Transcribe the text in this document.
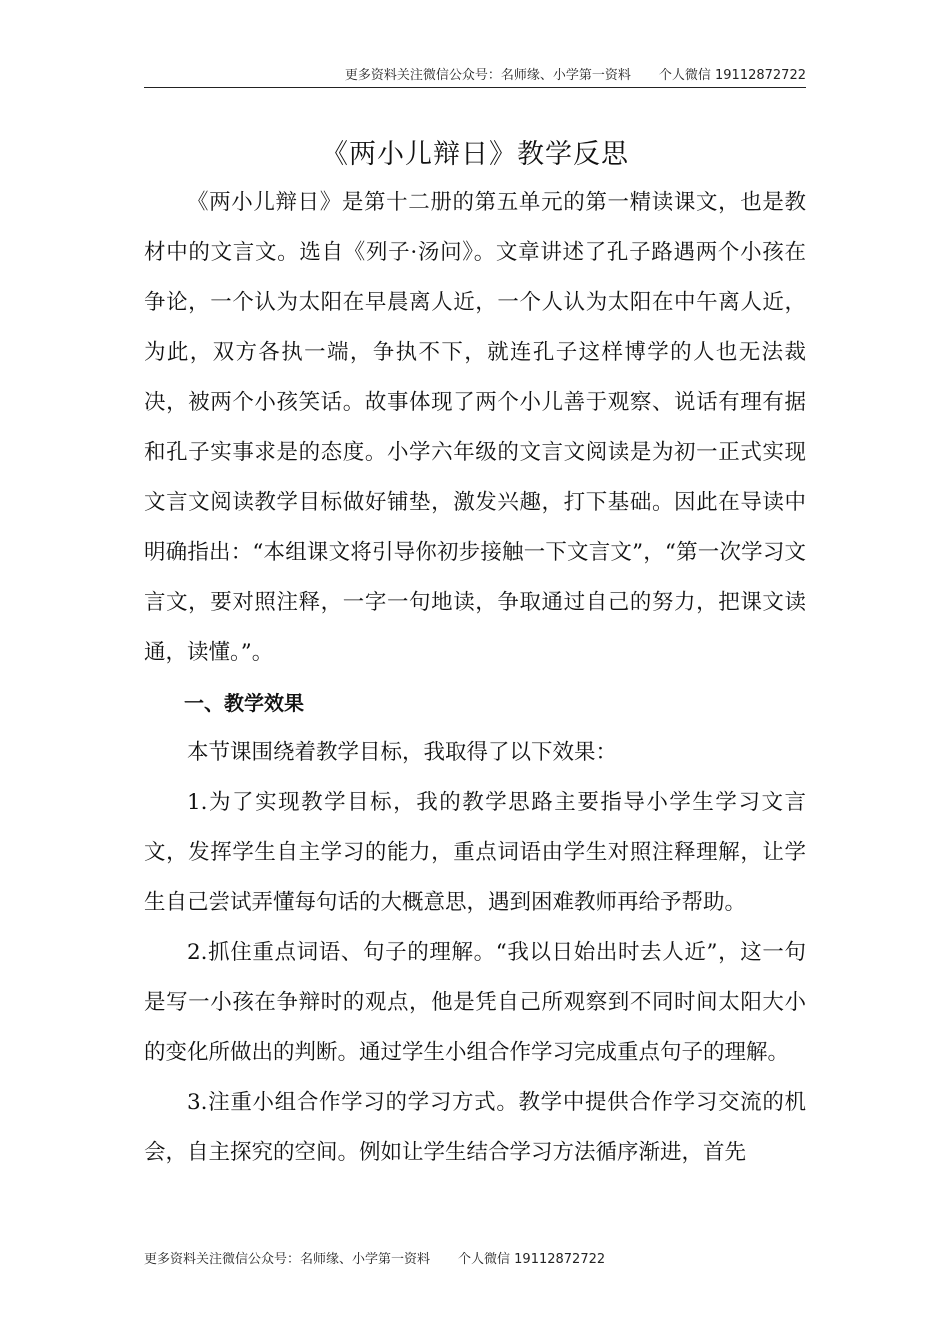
更多资料关注微信公众号：名师缘、小学第一资料 个人微信 19112872722
《两小儿辩日》教学反思

《两小儿辩日》是第十二册的第五单元的第一精读课文，也是教材中的文言文。选自《列子·汤问》。文章讲述了孔子路遇两个小孩在争论，一个认为太阳在早晨离人近，一个人认为太阳在中午离人近，为此，双方各执一端，争执不下，就连孔子这样博学的人也无法裁决，被两个小孩笑话。故事体现了两个小儿善于观察、说话有理有据和孔子实事求是的态度。小学六年级的文言文阅读是为初一正式实现文言文阅读教学目标做好铺垫，激发兴趣，打下基础。因此在导读中明确指出：“本组课文将引导你初步接触一下文言文”，“第一次学习文言文，要对照注释，一字一句地读，争取通过自己的努力，把课文读通，读懂。”。

一、教学效果

本节课围绕着教学目标，我取得了以下效果：

1.为了实现教学目标，我的教学思路主要指导小学生学习文言文，发挥学生自主学习的能力，重点词语由学生对照注释理解，让学生自己尝试弄懂每句话的大概意思，遇到困难教师再给予帮助。

2.抓住重点词语、句子的理解。“我以日始出时去人近”，这一句是写一小孩在争辩时的观点，他是凭自己所观察到不同时间太阳大小的变化所做出的判断。通过学生小组合作学习完成重点句子的理解。

3.注重小组合作学习的学习方式。教学中提供合作学习交流的机会，自主探究的空间。例如让学生结合学习方法循序渐进，首先

更多资料关注微信公众号：名师缘、小学第一资料 个人微信 19112872722
